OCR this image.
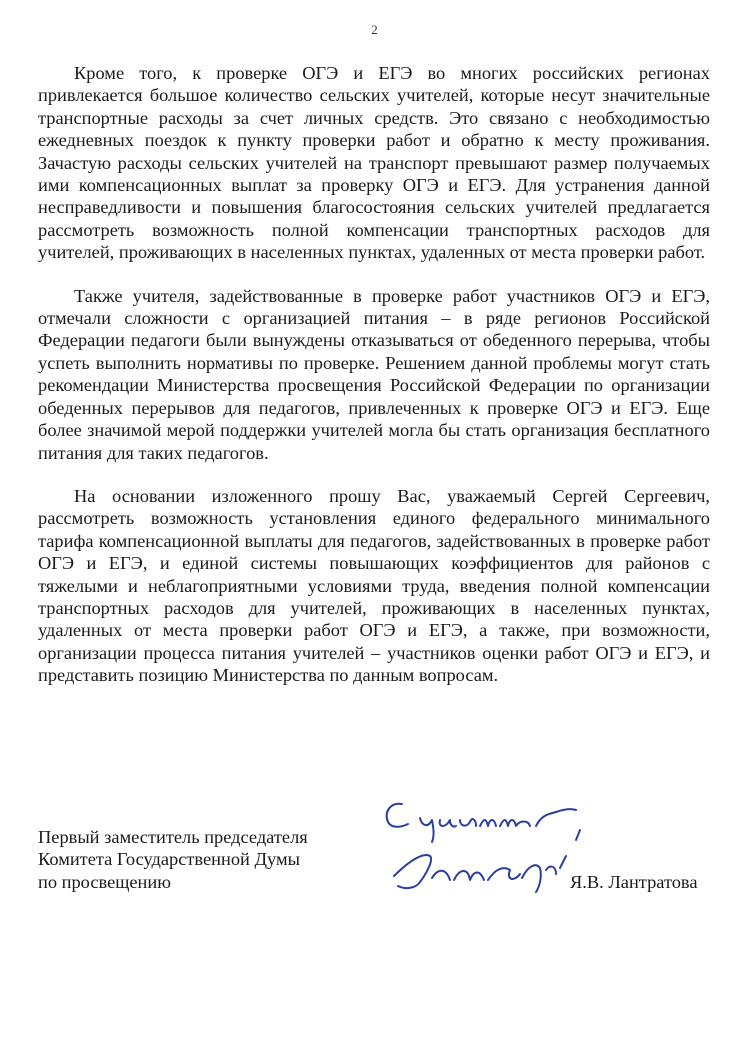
2

Кроме того, к проверке ОГЭ и ЕГЭ во многих российских регионах привлекается большое количество сельских учителей, которые несут значительные транспортные расходы за счет личных средств. Это связано с необходимостью ежедневных поездок к пункту проверки работ и обратно к месту проживания. Зачастую расходы сельских учителей на транспорт превышают размер получаемых ими компенсационных выплат за проверку ОГЭ и ЕГЭ. Для устранения данной несправедливости и повышения благосостояния сельских учителей предлагается рассмотреть возможность полной компенсации транспортных расходов для учителей, проживающих в населенных пунктах, удаленных от места проверки работ.

Также учителя, задействованные в проверке работ участников ОГЭ и ЕГЭ, отмечали сложности с организацией питания – в ряде регионов Российской Федерации педагоги были вынуждены отказываться от обеденного перерыва, чтобы успеть выполнить нормативы по проверке. Решением данной проблемы могут стать рекомендации Министерства просвещения Российской Федерации по организации обеденных перерывов для педагогов, привлеченных к проверке ОГЭ и ЕГЭ. Еще более значимой мерой поддержки учителей могла бы стать организация бесплатного питания для таких педагогов.

На основании изложенного прошу Вас, уважаемый Сергей Сергеевич, рассмотреть возможность установления единого федерального минимального тарифа компенсационной выплаты для педагогов, задействованных в проверке работ ОГЭ и ЕГЭ, и единой системы повышающих коэффициентов для районов с тяжелыми и неблагоприятными условиями труда, введения полной компенсации транспортных расходов для учителей, проживающих в населенных пунктах, удаленных от места проверки работ ОГЭ и ЕГЭ, а также, при возможности, организации процесса питания учителей – участников оценки работ ОГЭ и ЕГЭ, и представить позицию Министерства по данным вопросам.

Первый заместитель председателя
Комитета Государственной Думы
по просвещению	Я.В. Лантратова
